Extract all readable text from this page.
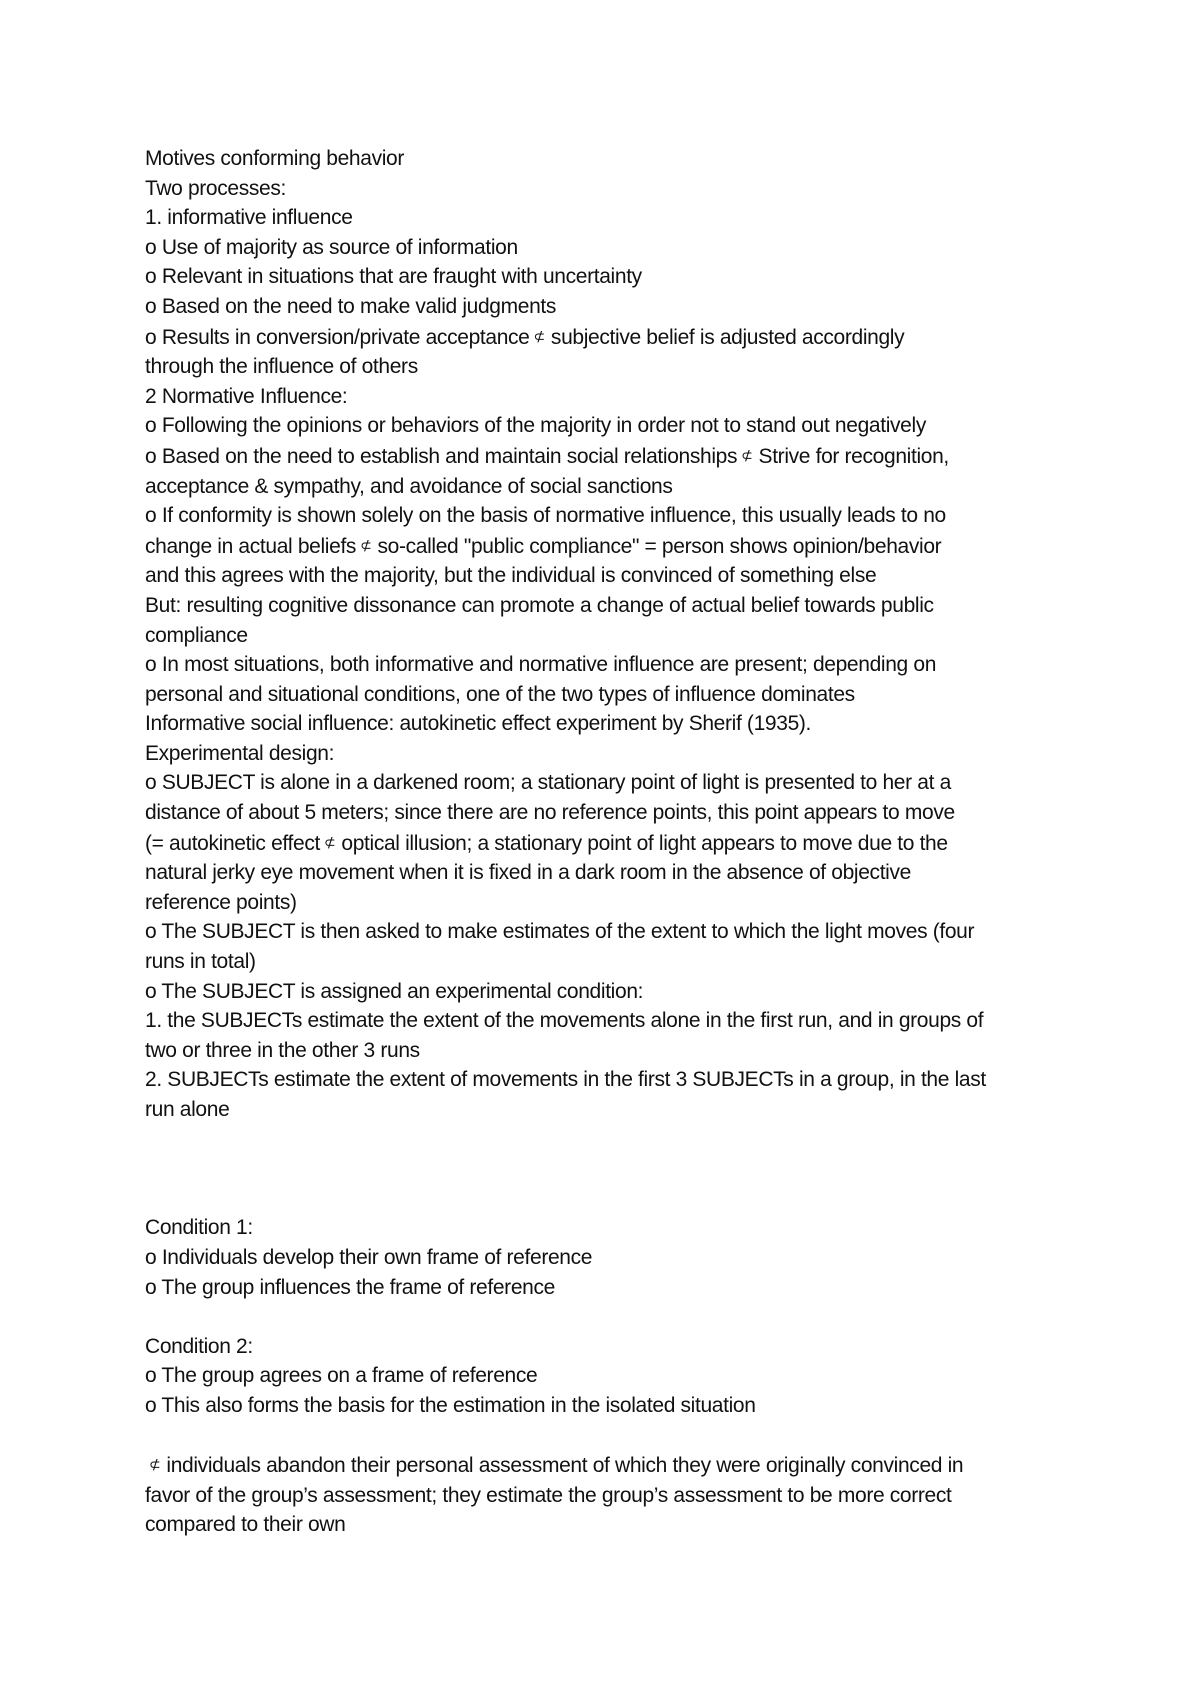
Motives conforming behavior
Two processes:
1. informative influence
o Use of majority as source of information
o Relevant in situations that are fraught with uncertainty
o Based on the need to make valid judgments
o Results in conversion/private acceptance ⊄ subjective belief is adjusted accordingly
through the influence of others
2 Normative Influence:
o Following the opinions or behaviors of the majority in order not to stand out negatively
o Based on the need to establish and maintain social relationships ⊄ Strive for recognition,
acceptance & sympathy, and avoidance of social sanctions
o If conformity is shown solely on the basis of normative influence, this usually leads to no
change in actual beliefs ⊄ so-called "public compliance" = person shows opinion/behavior
and this agrees with the majority, but the individual is convinced of something else
But: resulting cognitive dissonance can promote a change of actual belief towards public
compliance
o In most situations, both informative and normative influence are present; depending on
personal and situational conditions, one of the two types of influence dominates
Informative social influence: autokinetic effect experiment by Sherif (1935).
Experimental design:
o SUBJECT is alone in a darkened room; a stationary point of light is presented to her at a
distance of about 5 meters; since there are no reference points, this point appears to move
(= autokinetic effect ⊄ optical illusion; a stationary point of light appears to move due to the
natural jerky eye movement when it is fixed in a dark room in the absence of objective
reference points)
o The SUBJECT is then asked to make estimates of the extent to which the light moves (four
runs in total)
o The SUBJECT is assigned an experimental condition:
1. the SUBJECTs estimate the extent of the movements alone in the first run, and in groups of
two or three in the other 3 runs
2. SUBJECTs estimate the extent of movements in the first 3 SUBJECTs in a group, in the last
run alone
Condition 1:
o Individuals develop their own frame of reference
o The group influences the frame of reference
Condition 2:
o The group agrees on a frame of reference
o This also forms the basis for the estimation in the isolated situation
⊄ individuals abandon their personal assessment of which they were originally convinced in
favor of the group’s assessment; they estimate the group’s assessment to be more correct
compared to their own
